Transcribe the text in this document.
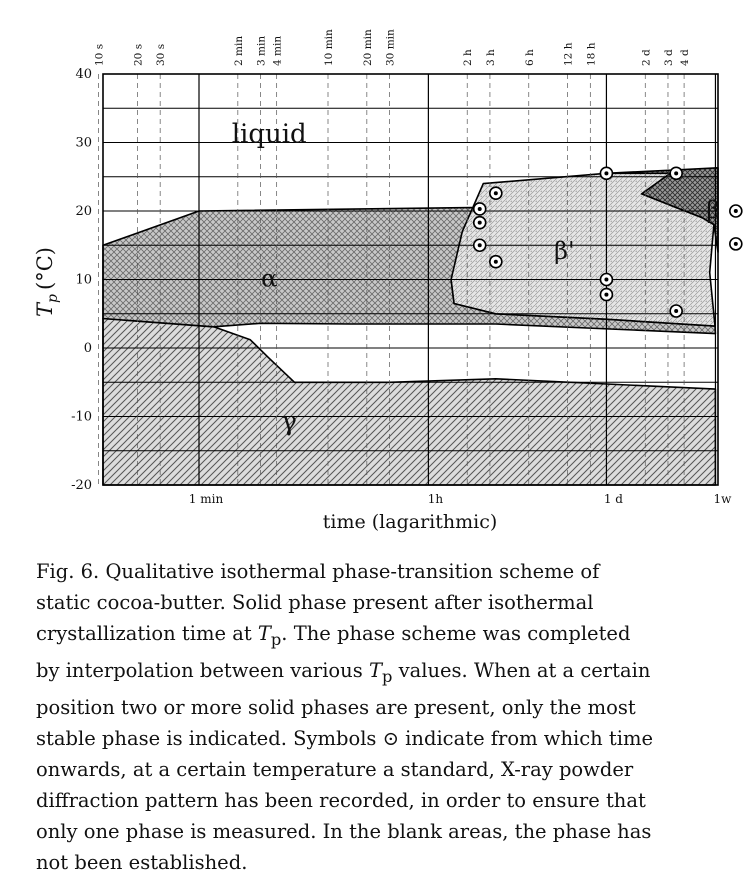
40
30
20
10
0
-10
-20
10 s	20 s 30 s	2 min 3 min 4 min	10 min	20 min 30 min	2 h 3 h	6 h	12 h 18 h	2 d 3 d 4 d
1 min	1h	1 d	1w
liquid
α
β'
β
γ
$T_p(^\circ C)$
time (lagarithmic)

Fig. 6. Qualitative isothermal phase-transition scheme of
static cocoa-butter. Solid phase present after isothermal
crystallization time at $T_p$. The phase scheme was completed
by interpolation between various $T_p$ values. When at a certain
position two or more solid phases are present, only the most
stable phase is indicated. Symbols ⊙ indicate from which time
onwards, at a certain temperature a standard, X-ray powder
diffraction pattern has been recorded, in order to ensure that
only one phase is measured. In the blank areas, the phase has
not been established.
